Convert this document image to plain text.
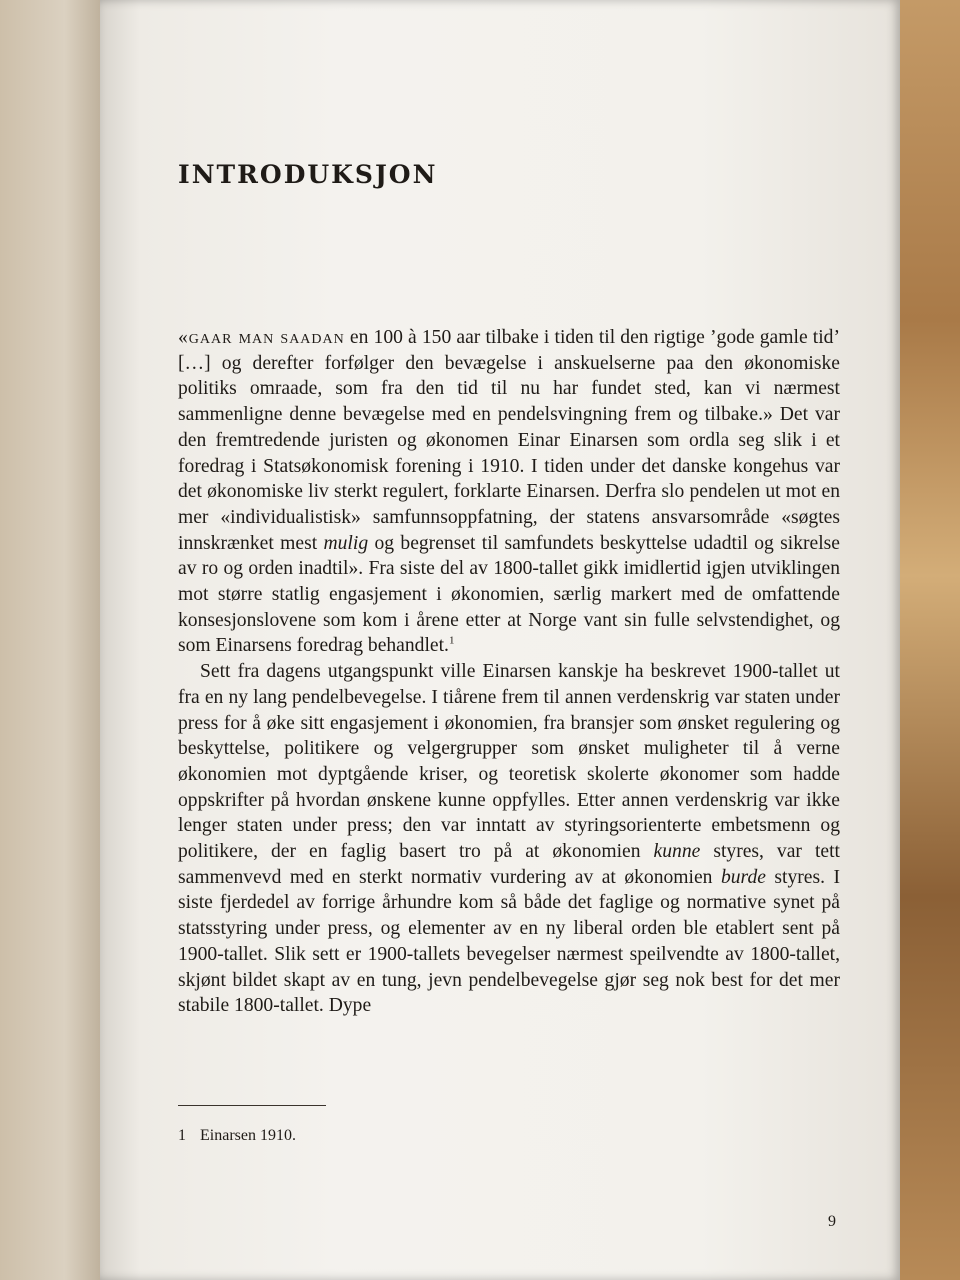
INTRODUKSJON

«gaar man saadan en 100 à 150 aar tilbake i tiden til den rigtige ’gode gamle tid’ […] og derefter forfølger den bevægelse i anskuelserne paa den økonomiske politiks omraade, som fra den tid til nu har fundet sted, kan vi nærmest sammenligne denne bevægelse med en pendelsvingning frem og tilbake.» Det var den fremtredende juristen og økonomen Einar Einarsen som ordla seg slik i et foredrag i Statsøkonomisk forening i 1910. I tiden under det danske kongehus var det økonomiske liv sterkt regulert, forklarte Einarsen. Derfra slo pendelen ut mot en mer «individualistisk» samfunnsoppfatning, der statens ansvarsområde «søgtes innskrænket mest mulig og begrenset til samfundets beskyttelse udadtil og sikrelse av ro og orden inadtil». Fra siste del av 1800-tallet gikk imidlertid igjen utviklingen mot større statlig engasjement i økonomien, særlig markert med de omfattende konsesjonslovene som kom i årene etter at Norge vant sin fulle selvstendighet, og som Einarsens foredrag behandlet.$^1$

Sett fra dagens utgangspunkt ville Einarsen kanskje ha beskrevet 1900-tallet ut fra en ny lang pendelbevegelse. I tiårene frem til annen verdenskrig var staten under press for å øke sitt engasjement i økonomien, fra bransjer som ønsket regulering og beskyttelse, politikere og velgergrupper som ønsket muligheter til å verne økonomien mot dyptgående kriser, og teoretisk skolerte økonomer som hadde oppskrifter på hvordan ønskene kunne oppfylles. Etter annen verdenskrig var ikke lenger staten under press; den var inntatt av styringsorienterte embetsmenn og politikere, der en faglig basert tro på at økonomien kunne styres, var tett sammenvevd med en sterkt normativ vurdering av at økonomien burde styres. I siste fjerdedel av forrige århundre kom så både det faglige og normative synet på statsstyring under press, og elementer av en ny liberal orden ble etablert sent på 1900-tallet. Slik sett er 1900-tallets bevegelser nærmest speilvendte av 1800-tallet, skjønt bildet skapt av en tung, jevn pendelbevegelse gjør seg nok best for det mer stabile 1800-tallet. Dype

1 Einarsen 1910.
9
